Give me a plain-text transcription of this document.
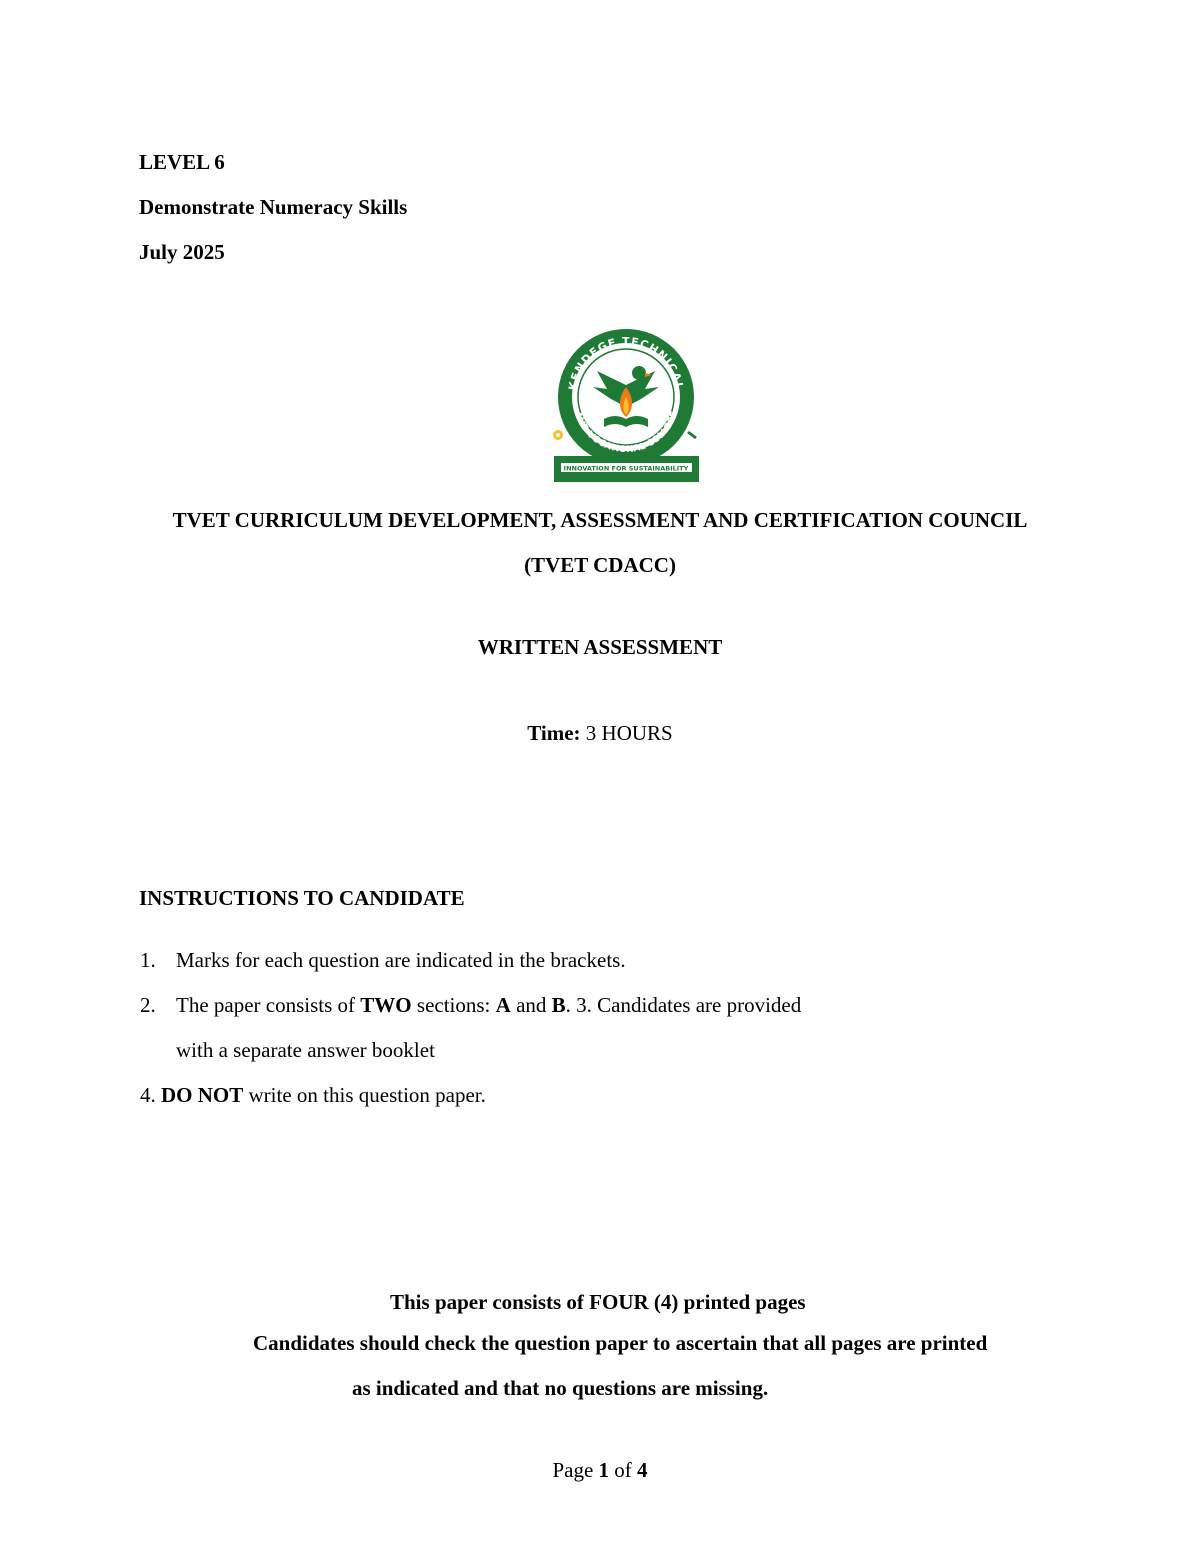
LEVEL 6
Demonstrate Numeracy Skills
July 2025
KENDEGE TECHNICAL
AND VOCATIONAL COLLEGE
INNOVATION FOR SUSTAINABILITY
TVET CURRICULUM DEVELOPMENT, ASSESSMENT AND CERTIFICATION COUNCIL
(TVET CDACC)
WRITTEN ASSESSMENT
Time: 3 HOURS
INSTRUCTIONS TO CANDIDATE
1. Marks for each question are indicated in the brackets.
2. The paper consists of TWO sections: A and B. 3. Candidates are provided
with a separate answer booklet
4. DO NOT write on this question paper.
This paper consists of FOUR (4) printed pages
Candidates should check the question paper to ascertain that all pages are printed
as indicated and that no questions are missing.
Page 1 of 4
